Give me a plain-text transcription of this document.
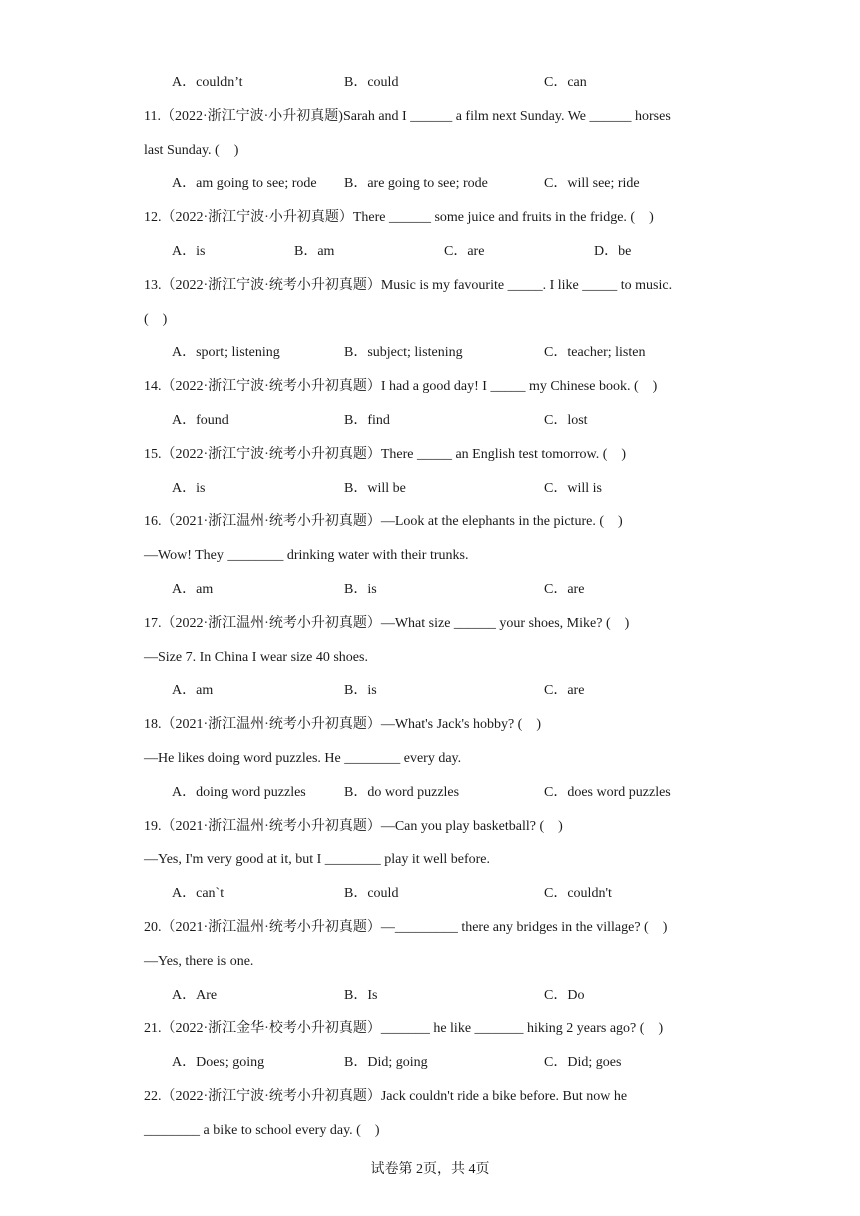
A．couldn’t	B．could	C．can
11.（2022·浙江宁波·小升初真题)Sarah and I ______ a film next Sunday. We ______ horses
last Sunday. (    )
A．am going to see; rode B．are going to see; rode	C．will see; ride
12.（2022·浙江宁波·小升初真题）There ______ some juice and fruits in the fridge. (    )
A．is	B．am	C．are	D．be
13.（2022·浙江宁波·统考小升初真题）Music is my favourite _____. I like _____ to music.
(    )
A．sport; listening	B．subject; listening	C．teacher; listen
14.（2022·浙江宁波·统考小升初真题）I had a good day! I _____ my Chinese book. (    )
A．found	B．find	C．lost
15.（2022·浙江宁波·统考小升初真题）There _____ an English test tomorrow. (    )
A．is	B．will be	C．will is
16.（2021·浙江温州·统考小升初真题）—Look at the elephants in the picture. (    )
—Wow! They ________ drinking water with their trunks.
A．am	B．is	C．are
17.（2022·浙江温州·统考小升初真题）—What size ______ your shoes, Mike? (    )
—Size 7. In China I wear size 40 shoes.
A．am	B．is	C．are
18.（2021·浙江温州·统考小升初真题）—What's Jack's hobby? (    )
—He likes doing word puzzles. He ________ every day.
A．doing word puzzles	B．do word puzzles	C．does word puzzles
19.（2021·浙江温州·统考小升初真题）—Can you play basketball? (    )
—Yes, I'm very good at it, but I ________ play it well before.
A．can`t	B．could	C．couldn't
20.（2021·浙江温州·统考小升初真题）—_________ there any bridges in the village? (    )
—Yes, there is one.
A．Are	B．Is	C．Do
21.（2022·浙江金华·校考小升初真题）_______ he like _______ hiking 2 years ago? (    )
A．Does; going	B．Did; going	C．Did; goes
22.（2022·浙江宁波·统考小升初真题）Jack couldn't ride a bike before. But now he
________ a bike to school every day. (    )
试卷第 2页，共 4页
